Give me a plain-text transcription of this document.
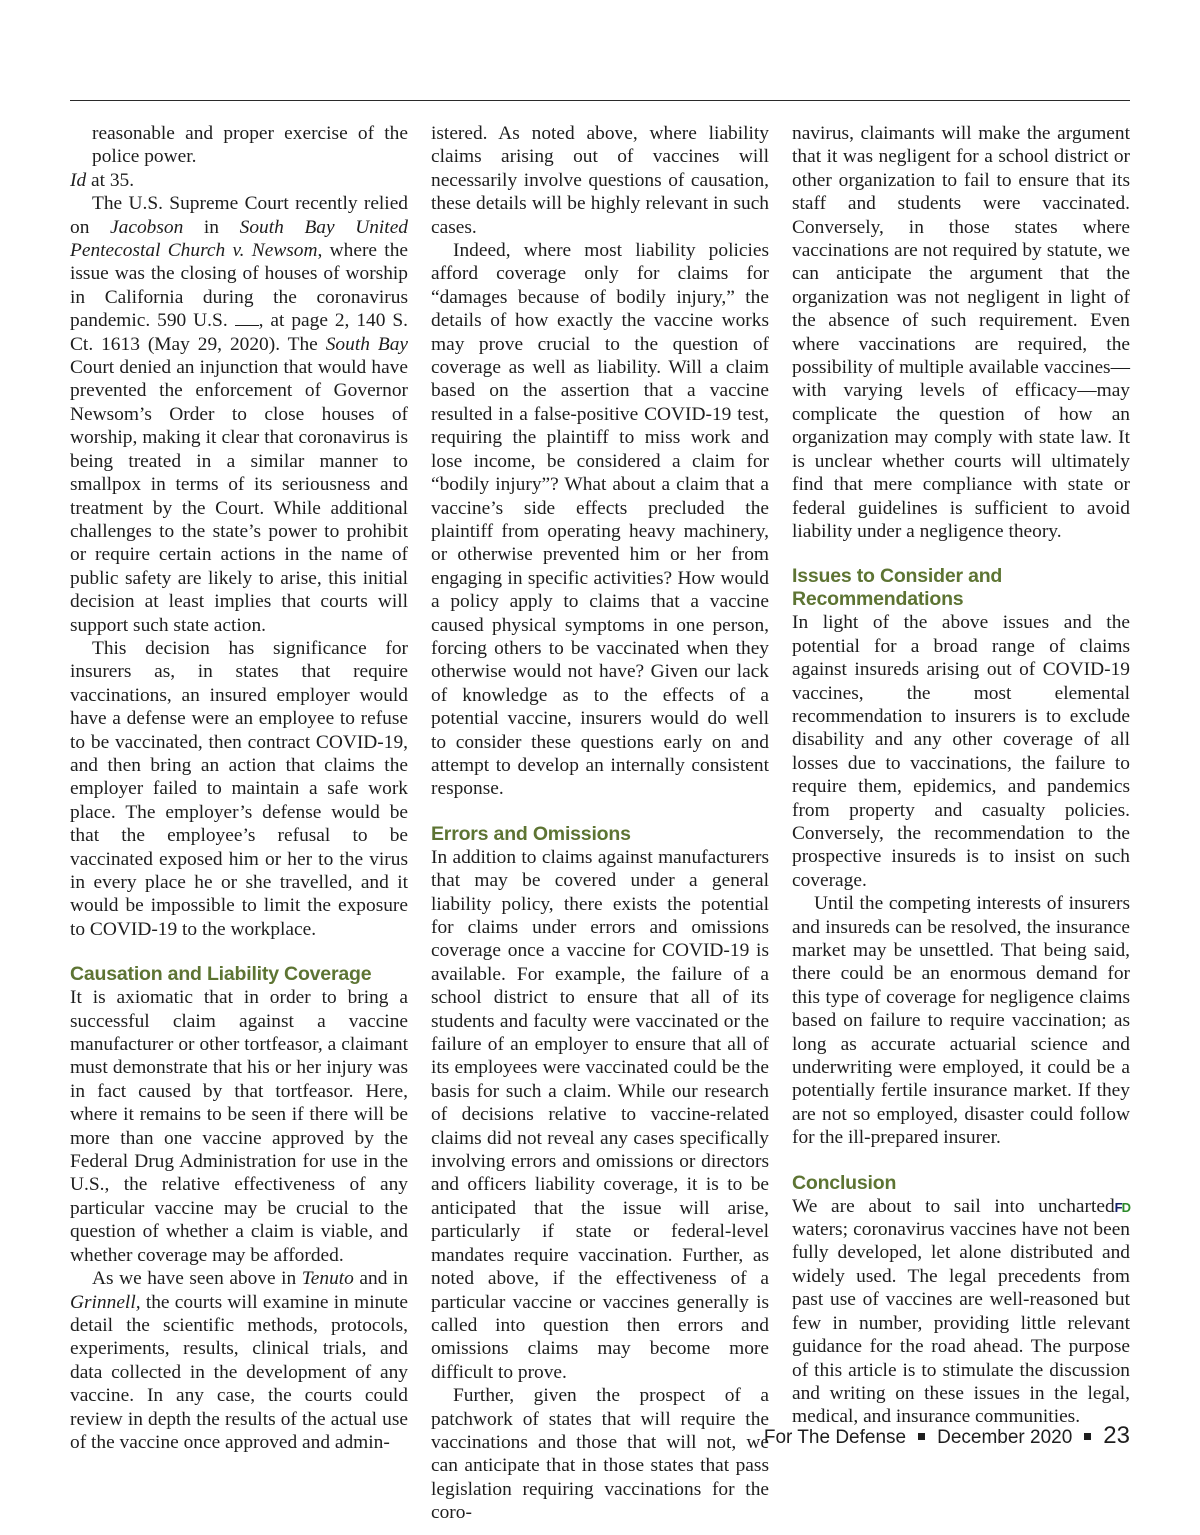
reasonable and proper exercise of the police power.

Id at 35.

The U.S. Supreme Court recently relied on Jacobson in South Bay United Pentecostal Church v. Newsom, where the issue was the closing of houses of worship in California during the coronavirus pandemic. 590 U.S. , at page 2, 140 S. Ct. 1613 (May 29, 2020). The South Bay Court denied an injunction that would have prevented the enforcement of Governor Newsom’s Order to close houses of worship, making it clear that coronavirus is being treated in a similar manner to smallpox in terms of its seriousness and treatment by the Court. While additional challenges to the state’s power to prohibit or require certain actions in the name of public safety are likely to arise, this initial decision at least implies that courts will support such state action.

This decision has significance for insurers as, in states that require vaccinations, an insured employer would have a defense were an employee to refuse to be vaccinated, then contract COVID-19, and then bring an action that claims the employer failed to maintain a safe work place. The employer’s defense would be that the employee’s refusal to be vaccinated exposed him or her to the virus in every place he or she travelled, and it would be impossible to limit the exposure to COVID-19 to the workplace.

Causation and Liability Coverage

It is axiomatic that in order to bring a successful claim against a vaccine manufacturer or other tortfeasor, a claimant must demonstrate that his or her injury was in fact caused by that tortfeasor. Here, where it remains to be seen if there will be more than one vaccine approved by the Federal Drug Administration for use in the U.S., the relative effectiveness of any particular vaccine may be crucial to the question of whether a claim is viable, and whether coverage may be afforded.

As we have seen above in Tenuto and in Grinnell, the courts will examine in minute detail the scientific methods, protocols, experiments, results, clinical trials, and data collected in the development of any vaccine. In any case, the courts could review in depth the results of the actual use of the vaccine once approved and admin-

istered. As noted above, where liability claims arising out of vaccines will necessarily involve questions of causation, these details will be highly relevant in such cases.

Indeed, where most liability policies afford coverage only for claims for “damages because of bodily injury,” the details of how exactly the vaccine works may prove crucial to the question of coverage as well as liability. Will a claim based on the assertion that a vaccine resulted in a false-positive COVID-19 test, requiring the plaintiff to miss work and lose income, be considered a claim for “bodily injury”? What about a claim that a vaccine’s side effects precluded the plaintiff from operating heavy machinery, or otherwise prevented him or her from engaging in specific activities? How would a policy apply to claims that a vaccine caused physical symptoms in one person, forcing others to be vaccinated when they otherwise would not have? Given our lack of knowledge as to the effects of a potential vaccine, insurers would do well to consider these questions early on and attempt to develop an internally consistent response.

Errors and Omissions

In addition to claims against manufacturers that may be covered under a general liability policy, there exists the potential for claims under errors and omissions coverage once a vaccine for COVID-19 is available. For example, the failure of a school district to ensure that all of its students and faculty were vaccinated or the failure of an employer to ensure that all of its employees were vaccinated could be the basis for such a claim. While our research of decisions relative to vaccine-related claims did not reveal any cases specifically involving errors and omissions or directors and officers liability coverage, it is to be anticipated that the issue will arise, particularly if state or federal-level mandates require vaccination. Further, as noted above, if the effectiveness of a particular vaccine or vaccines generally is called into question then errors and omissions claims may become more difficult to prove.

Further, given the prospect of a patchwork of states that will require the vaccinations and those that will not, we can anticipate that in those states that pass legislation requiring vaccinations for the coro-

navirus, claimants will make the argument that it was negligent for a school district or other organization to fail to ensure that its staff and students were vaccinated. Conversely, in those states where vaccinations are not required by statute, we can anticipate the argument that the organization was not negligent in light of the absence of such requirement. Even where vaccinations are required, the possibility of multiple available vaccines—with varying levels of efficacy—may complicate the question of how an organization may comply with state law. It is unclear whether courts will ultimately find that mere compliance with state or federal guidelines is sufficient to avoid liability under a negligence theory.

Issues to Consider and Recommendations

In light of the above issues and the potential for a broad range of claims against insureds arising out of COVID-19 vaccines, the most elemental recommendation to insurers is to exclude disability and any other coverage of all losses due to vaccinations, the failure to require them, epidemics, and pandemics from property and casualty policies. Conversely, the recommendation to the prospective insureds is to insist on such coverage.

Until the competing interests of insurers and insureds can be resolved, the insurance market may be unsettled. That being said, there could be an enormous demand for this type of coverage for negligence claims based on failure to require vaccination; as long as accurate actuarial science and underwriting were employed, it could be a potentially fertile insurance market. If they are not so employed, disaster could follow for the ill-prepared insurer.

Conclusion

FD
We are about to sail into uncharted waters; coronavirus vaccines have not been fully developed, let alone distributed and widely used. The legal precedents from past use of vaccines are well-reasoned but few in number, providing little relevant guidance for the road ahead. The purpose of this article is to stimulate the discussion and writing on these issues in the legal, medical, and insurance communities.

For The Defense December 2020 23
